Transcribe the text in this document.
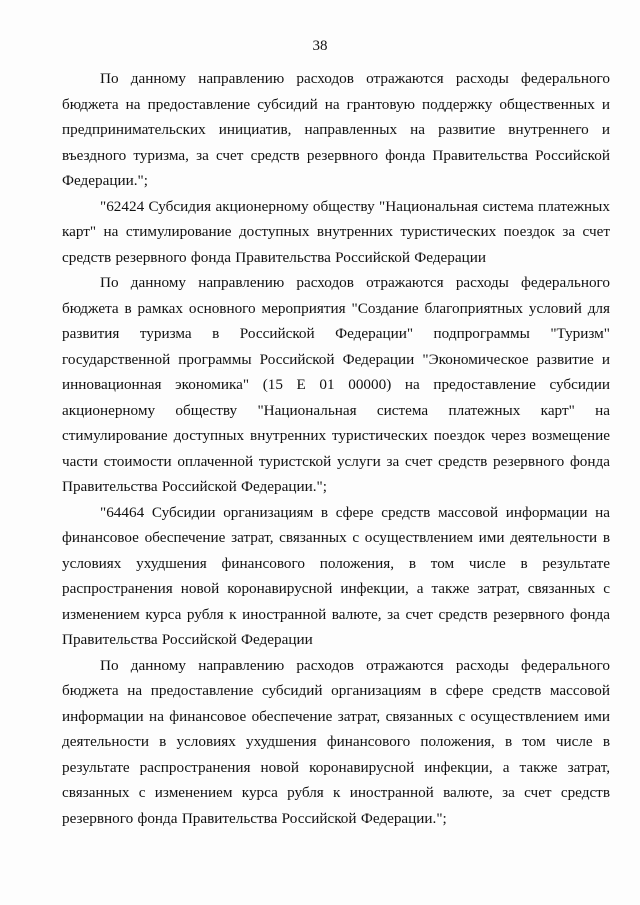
38

По данному направлению расходов отражаются расходы федерального бюджета на предоставление субсидий на грантовую поддержку общественных и предпринимательских инициатив, направленных на развитие внутреннего и въездного туризма, за счет средств резервного фонда Правительства Российской Федерации.";

"62424 Субсидия акционерному обществу "Национальная система платежных карт" на стимулирование доступных внутренних туристических поездок за счет средств резервного фонда Правительства Российской Федерации

По данному направлению расходов отражаются расходы федерального бюджета в рамках основного мероприятия "Создание благоприятных условий для развития туризма в Российской Федерации" подпрограммы "Туризм" государственной программы Российской Федерации "Экономическое развитие и инновационная экономика" (15 Е 01 00000) на предоставление субсидии акционерному обществу "Национальная система платежных карт" на стимулирование доступных внутренних туристических поездок через возмещение части стоимости оплаченной туристской услуги за счет средств резервного фонда Правительства Российской Федерации.";

"64464 Субсидии организациям в сфере средств массовой информации на финансовое обеспечение затрат, связанных с осуществлением ими деятельности в условиях ухудшения финансового положения, в том числе в результате распространения новой коронавирусной инфекции, а также затрат, связанных с изменением курса рубля к иностранной валюте, за счет средств резервного фонда Правительства Российской Федерации

По данному направлению расходов отражаются расходы федерального бюджета на предоставление субсидий организациям в сфере средств массовой информации на финансовое обеспечение затрат, связанных с осуществлением ими деятельности в условиях ухудшения финансового положения, в том числе в результате распространения новой коронавирусной инфекции, а также затрат, связанных с изменением курса рубля к иностранной валюте, за счет средств резервного фонда Правительства Российской Федерации.";
